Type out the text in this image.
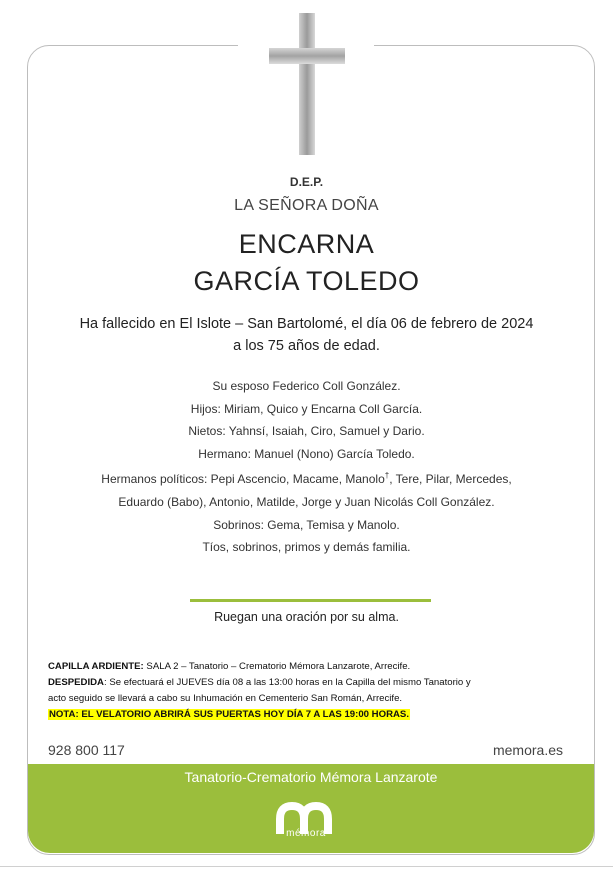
D.E.P.
LA SEÑORA DOÑA
ENCARNA
GARCÍA TOLEDO
Ha fallecido en El Islote – San Bartolomé, el día 06 de febrero de 2024
a los 75 años de edad.
Su esposo Federico Coll González.
Hijos: Miriam, Quico y Encarna Coll García.
Nietos: Yahnsí, Isaiah, Ciro, Samuel y Dario.
Hermano: Manuel (Nono) García Toledo.
Hermanos políticos: Pepi Ascencio, Macame, Manolo†, Tere, Pilar, Mercedes,
Eduardo (Babo), Antonio, Matilde, Jorge y Juan Nicolás Coll González.
Sobrinos: Gema, Temisa y Manolo.
Tíos, sobrinos, primos y demás familia.
Ruegan una oración por su alma.
CAPILLA ARDIENTE: SALA 2 – Tanatorio – Crematorio Mémora Lanzarote, Arrecife.
DESPEDIDA: Se efectuará el JUEVES día 08 a las 13:00 horas en la Capilla del mismo Tanatorio y
acto seguido se llevará a cabo su Inhumación en Cementerio San Román, Arrecife.
NOTA: EL VELATORIO ABRIRÁ SUS PUERTAS HOY DÍA 7 A LAS 19:00 HORAS.
928 800 117	memora.es
Tanatorio-Crematorio Mémora Lanzarote
mémora
